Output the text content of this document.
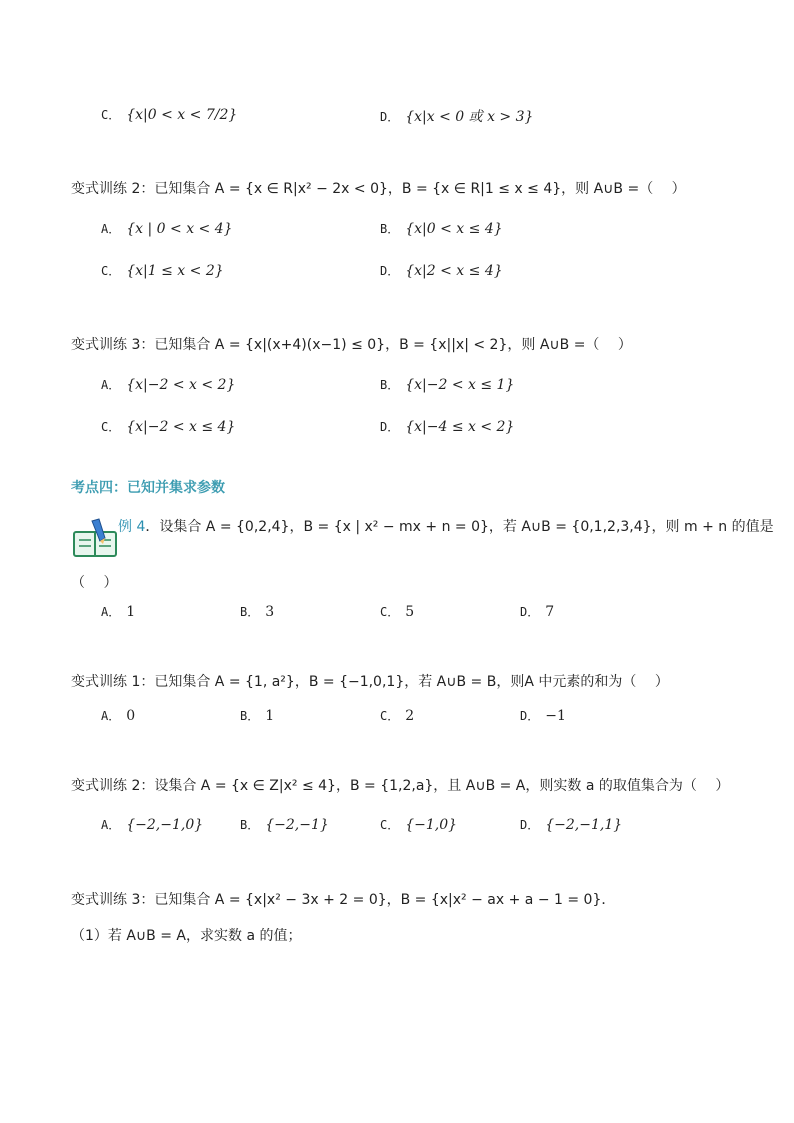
C． {x|0 < x < 7/2}	D． {x|x < 0 或 x > 3}
变式训练 2：已知集合 A = {x ∈ R|x² − 2x < 0}，B = {x ∈ R|1 ≤ x ≤ 4}，则 A∪B =（　 ）
A． {x | 0 < x < 4}	B． {x|0 < x ≤ 4}
C． {x|1 ≤ x < 2}	D． {x|2 < x ≤ 4}
变式训练 3：已知集合 A = {x|(x+4)(x−1) ≤ 0}，B = {x||x| < 2}，则 A∪B =（　 ）
A． {x|−2 < x < 2}	B． {x|−2 < x ≤ 1}
C． {x|−2 < x ≤ 4}	D． {x|−4 ≤ x < 2}
考点四：已知并集求参数
例 4．设集合 A = {0,2,4}，B = {x | x² − mx + n = 0}，若 A∪B = {0,1,2,3,4}，则 m + n 的值是
（　 ）
A． 1	B． 3	C． 5	D． 7
变式训练 1：已知集合 A = {1, a²}，B = {−1,0,1}，若 A∪B = B，则A 中元素的和为（　 ）
A． 0	B． 1	C． 2	D． −1
变式训练 2：设集合 A = {x ∈ Z|x² ≤ 4}，B = {1,2,a}，且 A∪B = A，则实数 a 的取值集合为（　 ）
A． {−2,−1,0}	B． {−2,−1}	C． {−1,0}	D． {−2,−1,1}
变式训练 3：已知集合 A = {x|x² − 3x + 2 = 0}，B = {x|x² − ax + a − 1 = 0}．
（1）若 A∪B = A，求实数 a 的值；
